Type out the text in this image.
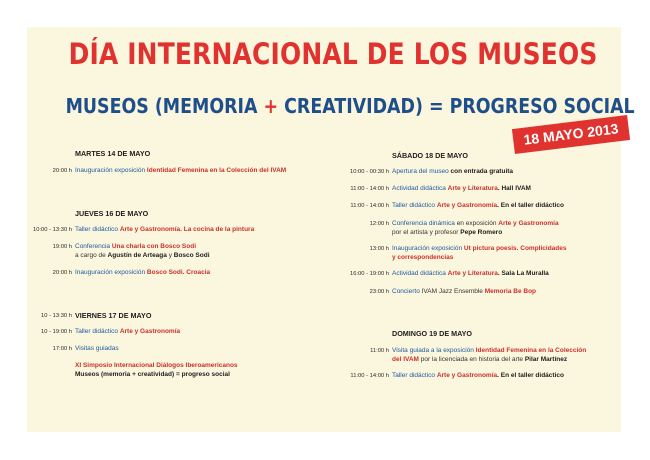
DÍA INTERNACIONAL DE LOS MUSEOS
MUSEOS (MEMORIA + CREATIVIDAD) = PROGRESO SOCIAL
MARTES 14 DE MAYO
20:00 h Inauguración exposición Identidad Femenina en la Colección del IVAM
JUEVES 16 DE MAYO
10:00 - 13:30 h Taller didáctico Arte y Gastronomía. La cocina de la pintura
19:00 h Conferencia Una charla con Bosco Sodi
a cargo de Agustín de Arteaga y Bosco Sodi
20:00 h Inauguración exposición Bosco Sodi. Croacia
10 - 13:30 h VIERNES 17 DE MAYO
10 - 19:00 h Taller didáctico Arte y Gastronomía
17:00 h Visitas guiadas
XI Simposio Internacional Diálogos Iberoamericanos
Museos (memoria + creatividad) = progreso social
SÁBADO 18 DE MAYO
10:00 - 00:30 h Apertura del museo con entrada gratuita
11:00 - 14:00 h Actividad didáctica Arte y Literatura. Hall IVAM
11:00 - 14:00 h Taller didáctico Arte y Gastronomía. En el taller didáctico
12:00 h Conferencia dinámica en exposición Arte y Gastronomía
por el artista y profesor Pepe Romero
13:00 h Inauguración exposición Ut pictura poesis. Complicidades
y correspondencias
16:00 - 19:00 h Actividad didáctica Arte y Literatura. Sala La Muralla
23:00 h Concierto IVAM Jazz Ensemble Memoria Be Bop
DOMINGO 19 DE MAYO
11:00 h Visita guiada a la exposición Identidad Femenina en la Colección
del IVAM por la licenciada en historia del arte Pilar Martínez
11:00 - 14:00 h Taller didáctico Arte y Gastronomía. En el taller didáctico
18 MAYO 2013
